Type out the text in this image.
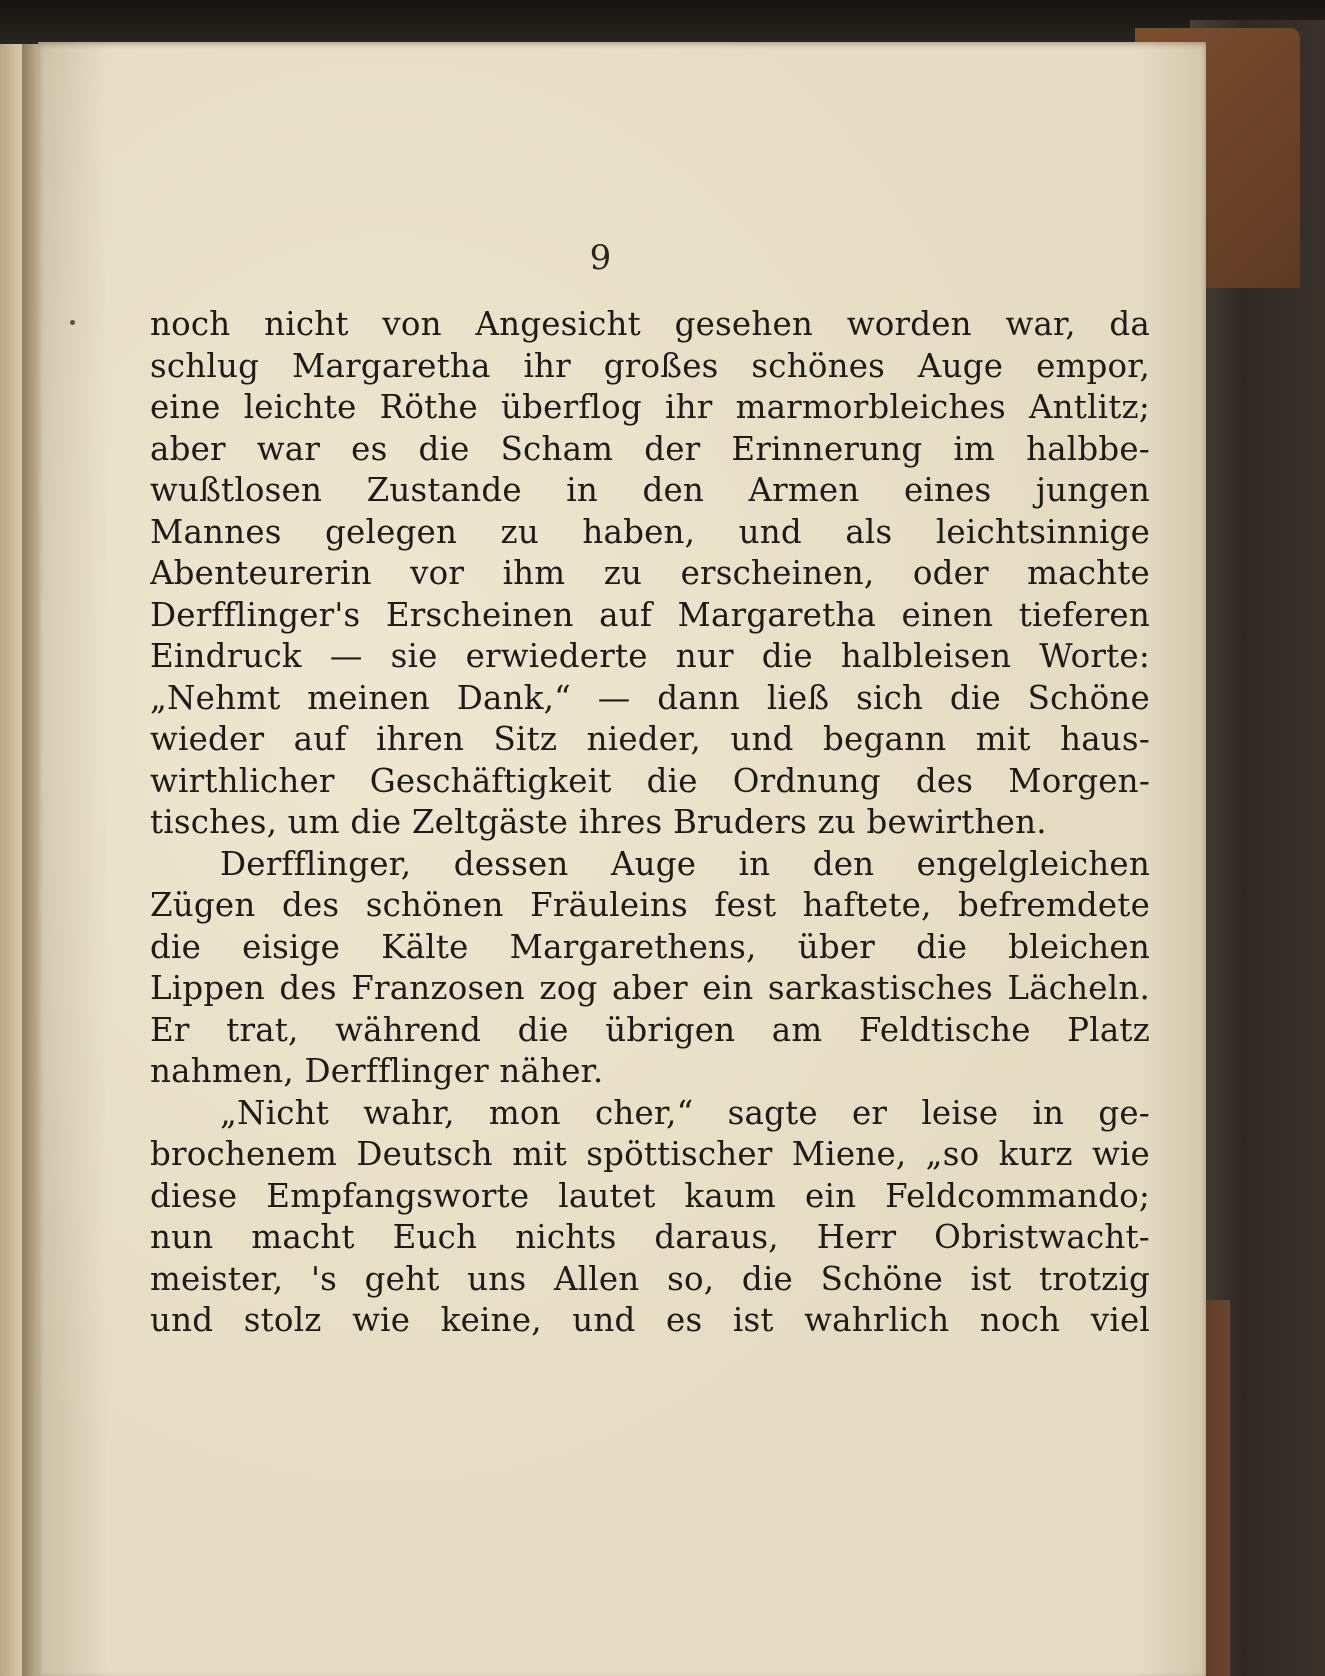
9

noch nicht von Angesicht gesehen worden war, da
schlug Margaretha ihr großes schönes Auge empor,
eine leichte Röthe überflog ihr marmorbleiches Antlitz;
aber war es die Scham der Erinnerung im halbbe-
wußtlosen Zustande in den Armen eines jungen
Mannes gelegen zu haben, und als leichtsinnige
Abenteurerin vor ihm zu erscheinen, oder machte
Derfflinger's Erscheinen auf Margaretha einen tieferen
Eindruck — sie erwiederte nur die halbleisen Worte:
„Nehmt meinen Dank,“ — dann ließ sich die Schöne
wieder auf ihren Sitz nieder, und begann mit haus-
wirthlicher Geschäftigkeit die Ordnung des Morgen-
tisches, um die Zeltgäste ihres Bruders zu bewirthen.
Derfflinger, dessen Auge in den engelgleichen
Zügen des schönen Fräuleins fest haftete, befremdete
die eisige Kälte Margarethens, über die bleichen
Lippen des Franzosen zog aber ein sarkastisches Lächeln.
Er trat, während die übrigen am Feldtische Platz
nahmen, Derfflinger näher.
„Nicht wahr, mon cher,“ sagte er leise in ge-
brochenem Deutsch mit spöttischer Miene, „so kurz wie
diese Empfangsworte lautet kaum ein Feldcommando;
nun macht Euch nichts daraus, Herr Obristwacht-
meister, 's geht uns Allen so, die Schöne ist trotzig
und stolz wie keine, und es ist wahrlich noch viel
